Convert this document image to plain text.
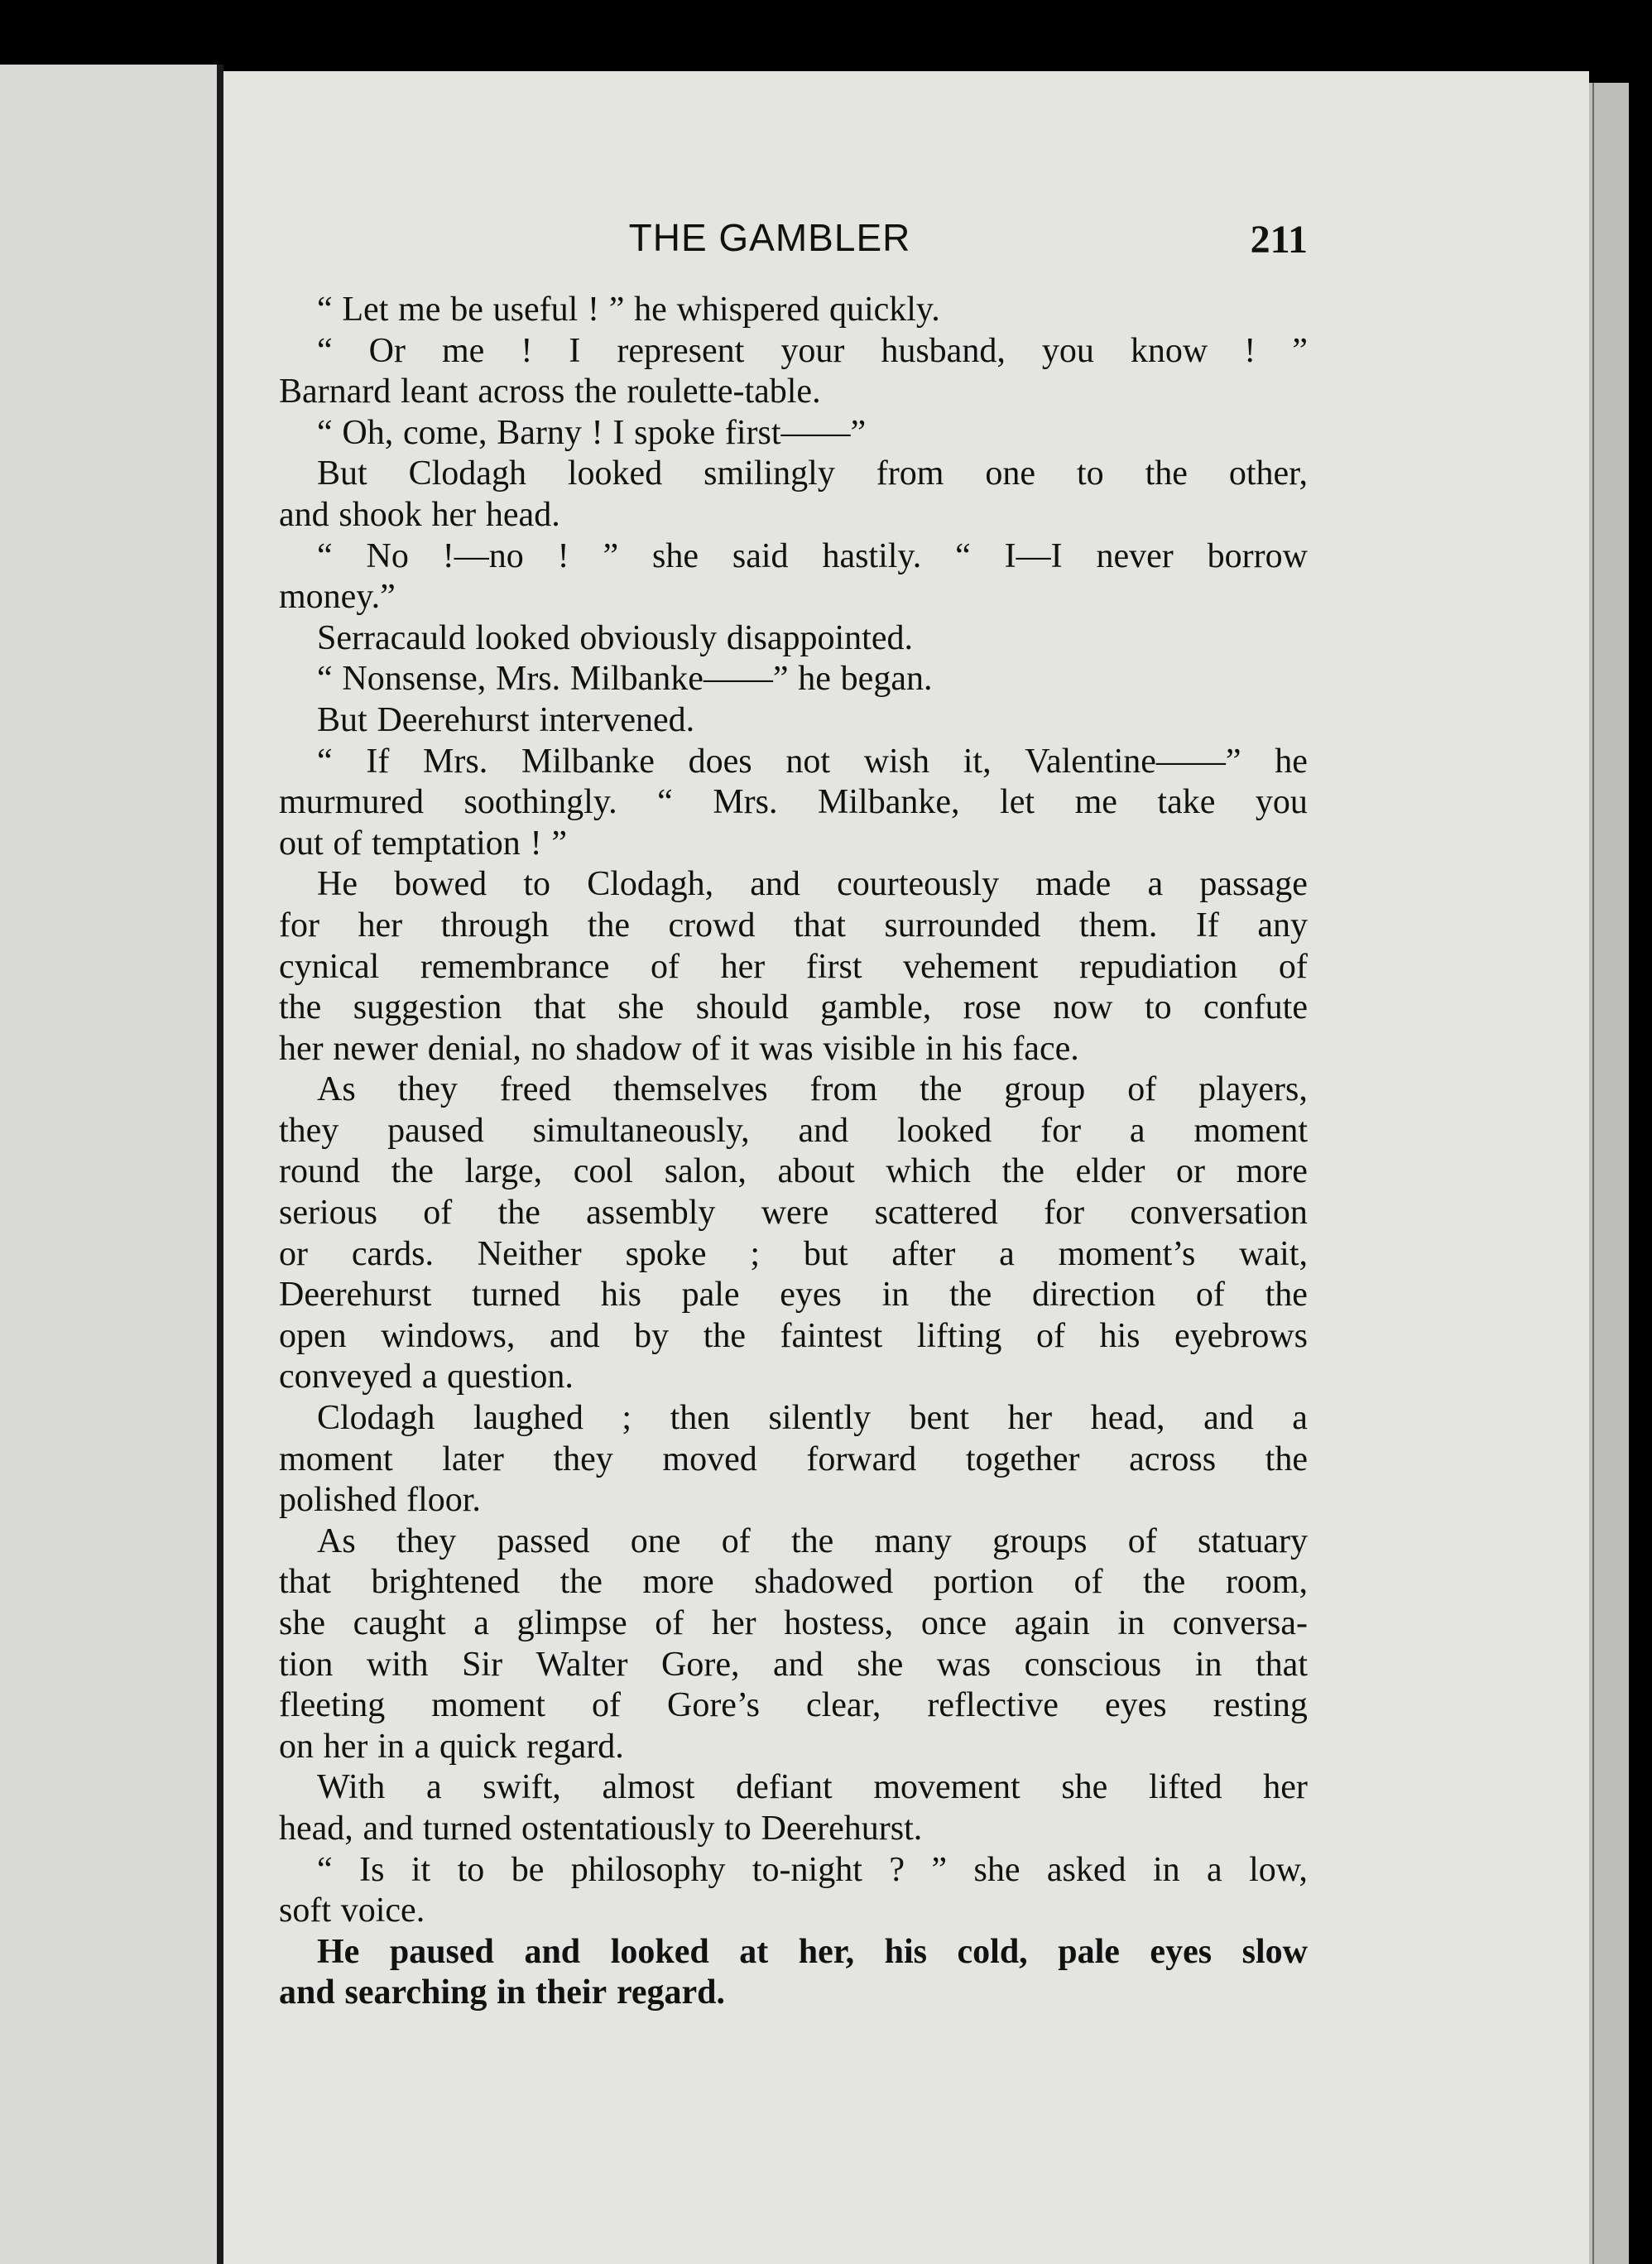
THE GAMBLER	211
“ Let me be useful ! ” he whispered quickly.
“ Or me ! I represent your husband, you know ! ”
Barnard leant across the roulette-table.
“ Oh, come, Barny ! I spoke first——”
But Clodagh looked smilingly from one to the other,
and shook her head.
“ No !—no ! ” she said hastily. “ I—I never borrow
money.”
Serracauld looked obviously disappointed.
“ Nonsense, Mrs. Milbanke——” he began.
But Deerehurst intervened.
“ If Mrs. Milbanke does not wish it, Valentine——” he
murmured soothingly. “ Mrs. Milbanke, let me take you
out of temptation ! ”
He bowed to Clodagh, and courteously made a passage
for her through the crowd that surrounded them. If any
cynical remembrance of her first vehement repudiation of
the suggestion that she should gamble, rose now to confute
her newer denial, no shadow of it was visible in his face.
As they freed themselves from the group of players,
they paused simultaneously, and looked for a moment
round the large, cool salon, about which the elder or more
serious of the assembly were scattered for conversation
or cards. Neither spoke ; but after a moment’s wait,
Deerehurst turned his pale eyes in the direction of the
open windows, and by the faintest lifting of his eyebrows
conveyed a question.
Clodagh laughed ; then silently bent her head, and a
moment later they moved forward together across the
polished floor.
As they passed one of the many groups of statuary
that brightened the more shadowed portion of the room,
she caught a glimpse of her hostess, once again in conversa-
tion with Sir Walter Gore, and she was conscious in that
fleeting moment of Gore’s clear, reflective eyes resting
on her in a quick regard.
With a swift, almost defiant movement she lifted her
head, and turned ostentatiously to Deerehurst.
“ Is it to be philosophy to-night ? ” she asked in a low,
soft voice.
He paused and looked at her, his cold, pale eyes slow
and searching in their regard.
